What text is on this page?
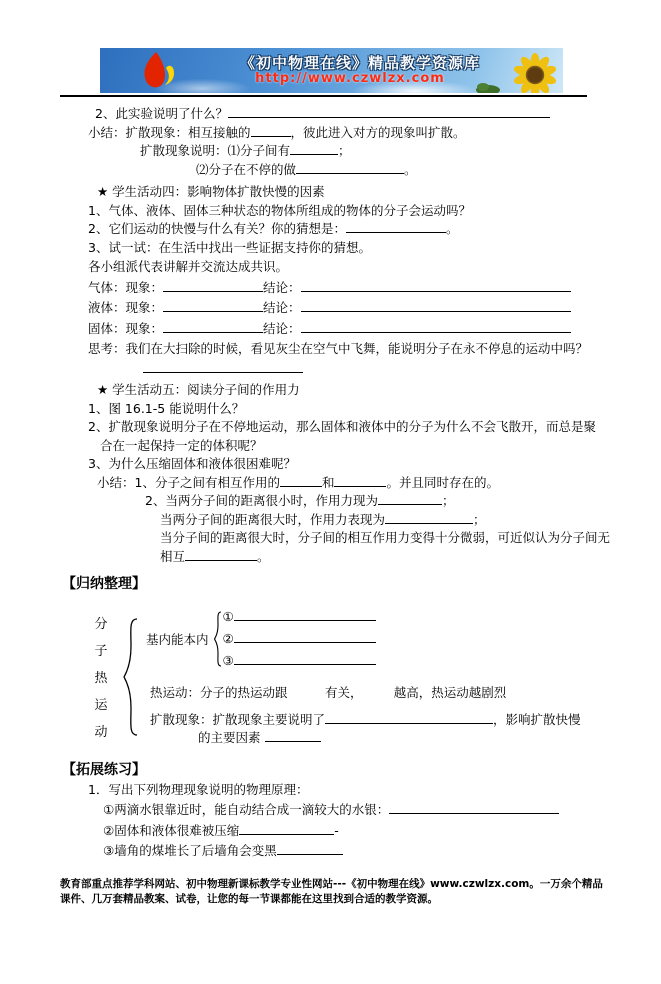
《初中物理在线》精品教学资源库
http://www.czwlzx.com
2、此实验说明了什么？
小结：扩散现象：相互接触的	，彼此进入对方的现象叫扩散。
扩散现象说明：⑴分子间有	；
⑵分子在不停的做	。
★ 学生活动四：影响物体扩散快慢的因素
1、气体、液体、固体三种状态的物体所组成的物体的分子会运动吗？
2、它们运动的快慢与什么有关？你的猜想是：	。
3、试一试：在生活中找出一些证据支持你的猜想。
各小组派代表讲解并交流达成共识。
气体：现象：	结论：
液体：现象：	结论：
固体：现象：	结论：
思考：我们在大扫除的时候，看见灰尘在空气中飞舞，能说明分子在永不停息的运动中吗？
★ 学生活动五：阅读分子间的作用力
1、图 16.1-5 能说明什么？
2、扩散现象说明分子在不停地运动，那么固体和液体中的分子为什么不会飞散开，而总是聚
合在一起保持一定的体积呢？
3、为什么压缩固体和液体很困难呢？
小结：1、分子之间有相互作用的	和	。并且同时存在的。
2、当两分子间的距离很小时，作用力现为	；
当两分子间的距离很大时，作用力表现为	；
当分子间的距离很大时，分子间的相互作用力变得十分微弱，可近似认为分子间无
相互	。
【归纳整理】
分
子
热
运
动
基内能本内
①
②
③
热运动：分子的热运动跟　　　有关，　　　越高，热运动越剧烈
扩散现象：扩散现象主要说明了	，影响扩散快慢
的主要因素
【拓展练习】
1．写出下列物理现象说明的物理原理：
①两滴水银靠近时，能自动结合成一滴较大的水银：
②固体和液体很难被压缩	-
③墙角的煤堆长了后墙角会变黑
教育部重点推荐学科网站、初中物理新课标教学专业性网站---《初中物理在线》www.czwlzx.com。一万余个精品课件、几万套精品教案、试卷，让您的每一节课都能在这里找到合适的教学资源。
